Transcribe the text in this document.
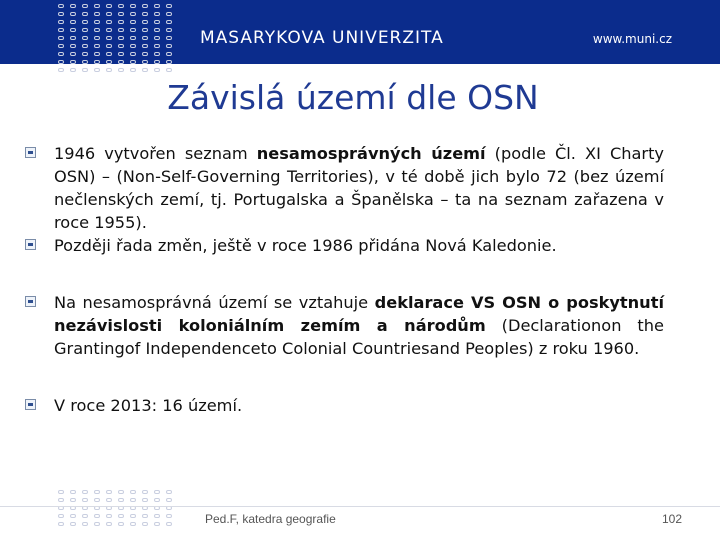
MASARYKOVA UNIVERZITA	www.muni.cz
Závislá území dle OSN
1946 vytvořen seznam nesamosprávných území (podle Čl. XI Charty OSN) – (Non-Self-Governing Territories), v té době jich bylo 72 (bez území nečlenských zemí, tj. Portugalska a Španělska – ta na seznam zařazena v roce 1955).
Později řada změn, ještě v roce 1986 přidána Nová Kaledonie.
Na nesamosprávná území se vztahuje deklarace VS OSN o poskytnutí nezávislosti koloniálním zemím a národům (Declarationon the Grantingof Independenceto Colonial Countriesand Peoples) z roku 1960.
V roce 2013: 16 území.
Ped.F, katedra geografie	102
